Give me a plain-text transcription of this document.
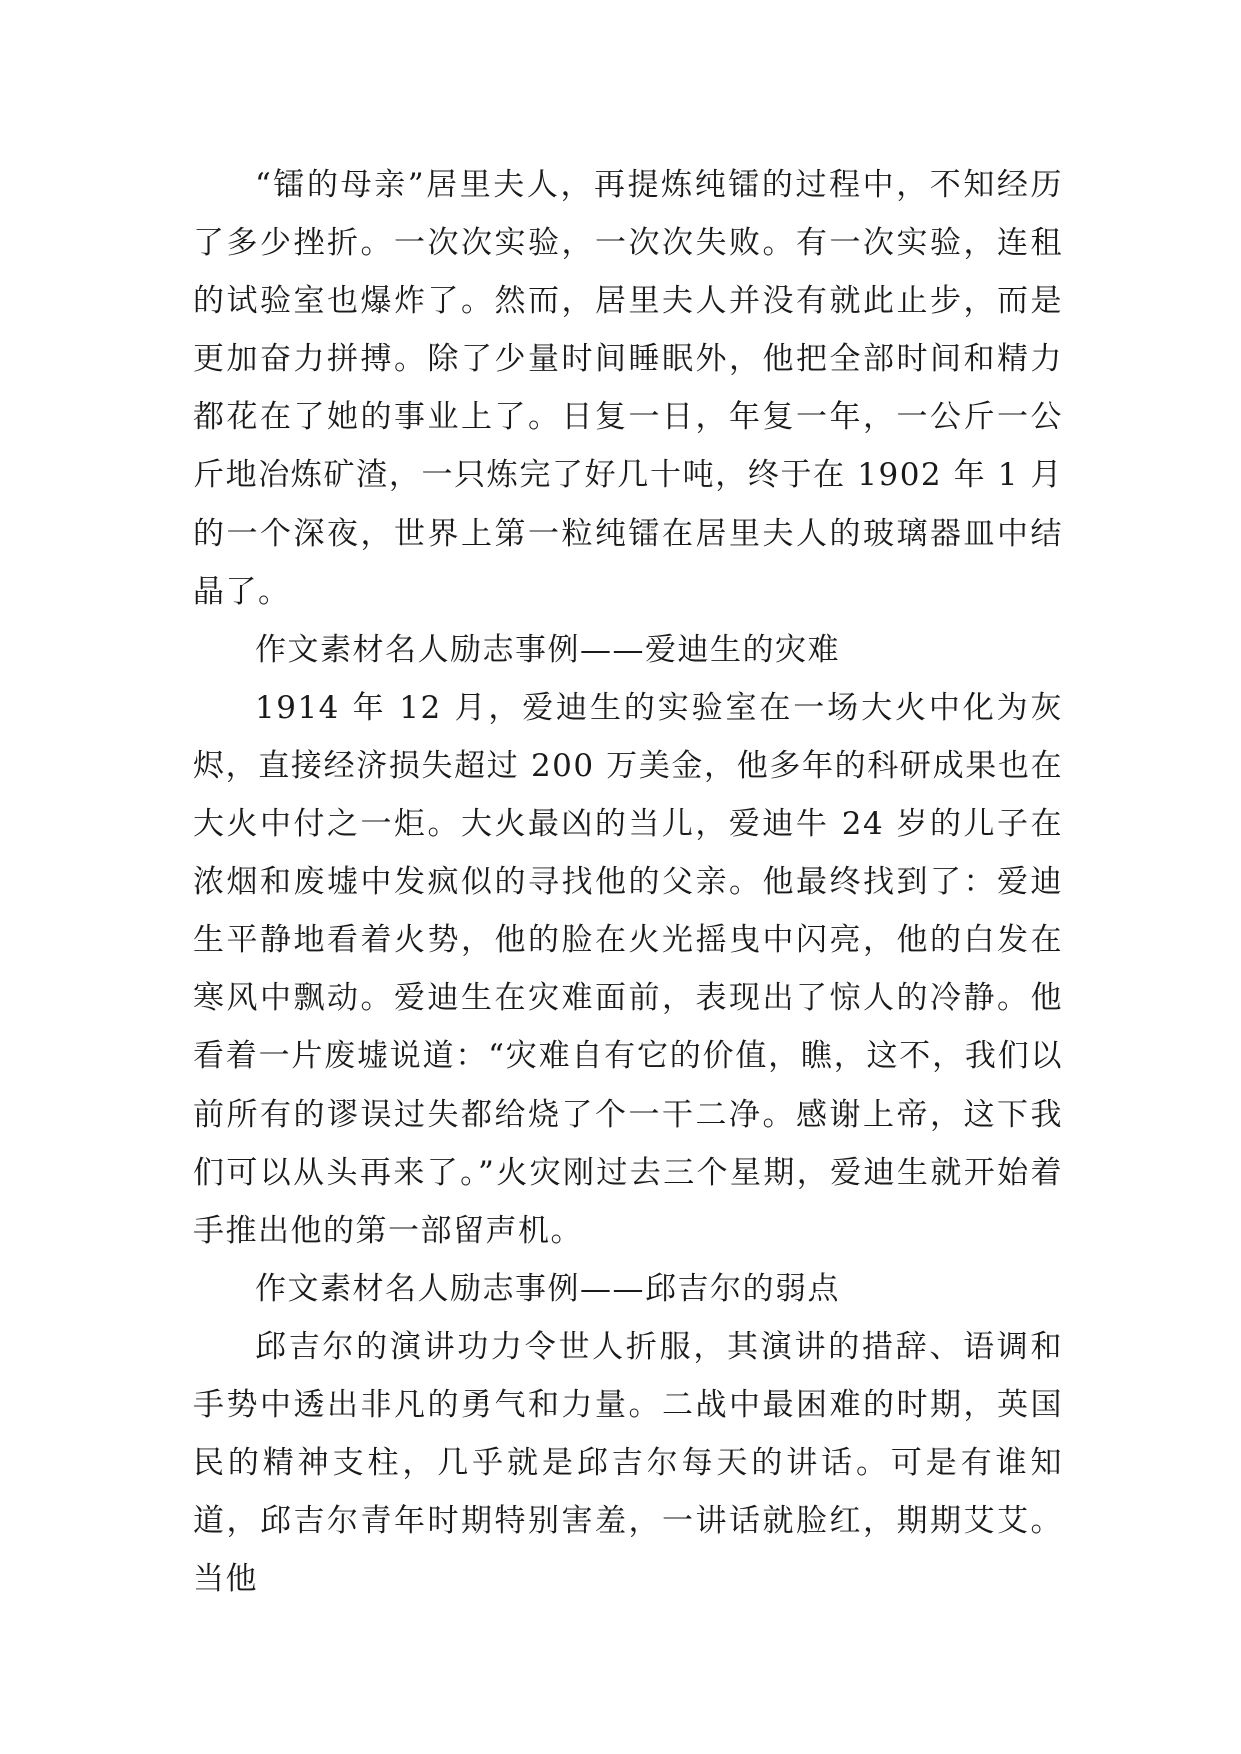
“镭的母亲”居里夫人，再提炼纯镭的过程中，不知经历了多少挫折。一次次实验，一次次失败。有一次实验，连租的试验室也爆炸了。然而，居里夫人并没有就此止步，而是更加奋力拼搏。除了少量时间睡眠外，他把全部时间和精力都花在了她的事业上了。日复一日，年复一年，一公斤一公斤地冶炼矿渣，一只炼完了好几十吨，终于在 1902 年 1 月的一个深夜，世界上第一粒纯镭在居里夫人的玻璃器皿中结晶了。

作文素材名人励志事例——爱迪生的灾难

1914 年 12 月，爱迪生的实验室在一场大火中化为灰烬，直接经济损失超过 200 万美金，他多年的科研成果也在大火中付之一炬。大火最凶的当儿，爱迪牛 24 岁的儿子在浓烟和废墟中发疯似的寻找他的父亲。他最终找到了：爱迪生平静地看着火势，他的脸在火光摇曳中闪亮，他的白发在寒风中飘动。爱迪生在灾难面前，表现出了惊人的冷静。他看着一片废墟说道：“灾难自有它的价值，瞧，这不，我们以前所有的谬误过失都给烧了个一干二净。感谢上帝，这下我们可以从头再来了。”火灾刚过去三个星期，爱迪生就开始着手推出他的第一部留声机。

作文素材名人励志事例——邱吉尔的弱点

邱吉尔的演讲功力令世人折服，其演讲的措辞、语调和手势中透出非凡的勇气和力量。二战中最困难的时期，英国民的精神支柱，几乎就是邱吉尔每天的讲话。可是有谁知道，邱吉尔青年时期特别害羞，一讲话就脸红，期期艾艾。当他
